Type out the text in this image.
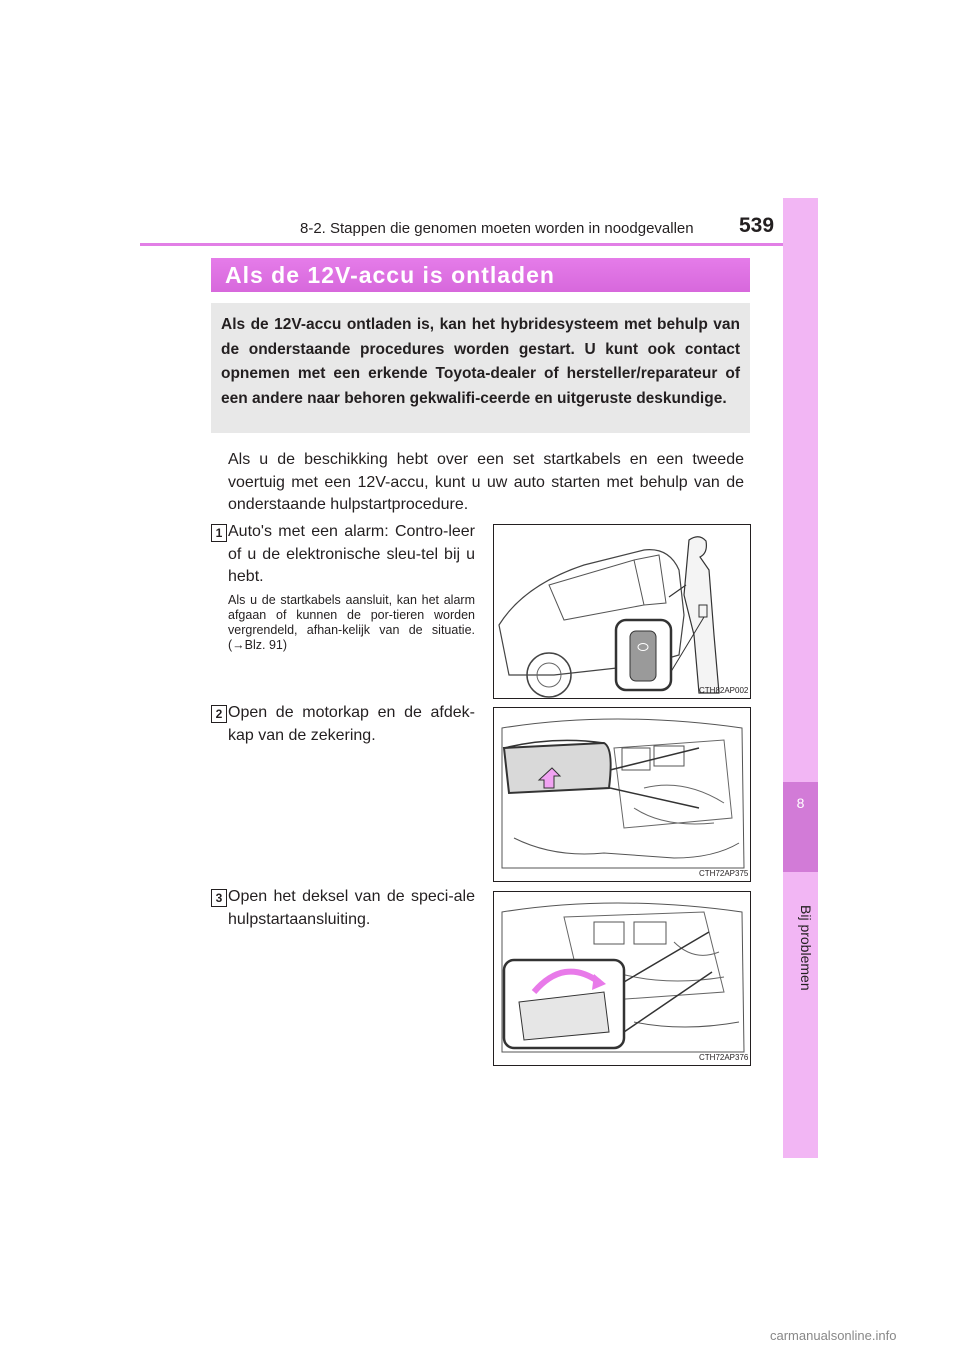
8-2. Stappen die genomen moeten worden in noodgevallen 539
8
Bij problemen
Als de 12V-accu is ontladen
Als de 12V-accu ontladen is, kan het hybridesysteem met behulp van de onderstaande procedures worden gestart. U kunt ook contact opnemen met een erkende Toyota-dealer of hersteller/reparateur of een andere naar behoren gekwalifi-ceerde en uitgeruste deskundige.
Als u de beschikking hebt over een set startkabels en een tweede voertuig met een 12V-accu, kunt u uw auto starten met behulp van de onderstaande hulpstartprocedure.
1 Auto's met een alarm: Contro-leer of u de elektronische sleu-tel bij u hebt.
Als u de startkabels aansluit, kan het alarm afgaan of kunnen de por-tieren worden vergrendeld, afhan-kelijk van de situatie. (→Blz. 91)
CTH82AP002
2 Open de motorkap en de afdek-kap van de zekering.
CTH72AP375
3 Open het deksel van de speci-ale hulpstartaansluiting.
CTH72AP376
carmanualsonline.info
